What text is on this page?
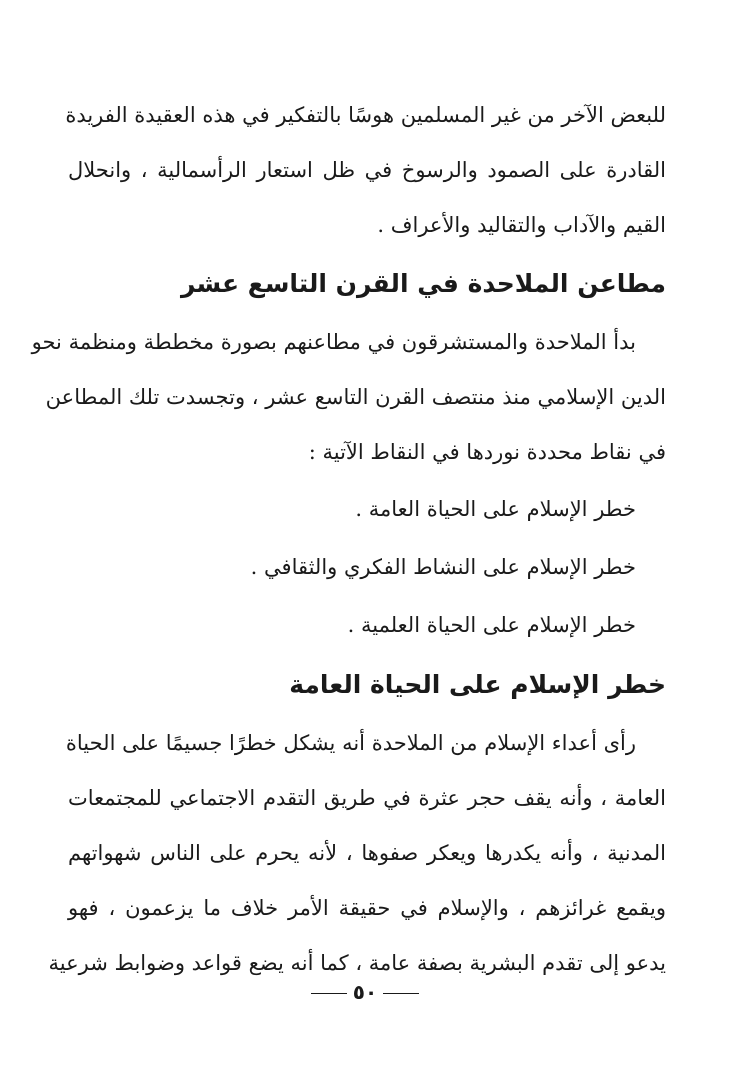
للبعض الآخر من غير المسلمين هوسًا بالتفكير في هذه العقيدة الفريدة
القادرة على الصمود والرسوخ في ظل استعار الرأسمالية ، وانحلال
القيم والآداب والتقاليد والأعراف .

مطاعن الملاحدة في القرن التاسع عشر

بدأ الملاحدة والمستشرقون في مطاعنهم بصورة مخططة ومنظمة نحو
الدين الإسلامي منذ منتصف القرن التاسع عشر ، وتجسدت تلك المطاعن
في نقاط محددة نوردها في النقاط الآتية :

خطر الإسلام على الحياة العامة .

خطر الإسلام على النشاط الفكري والثقافي .

خطر الإسلام على الحياة العلمية .

خطر الإسلام على الحياة العامة

رأى أعداء الإسلام من الملاحدة أنه يشكل خطرًا جسيمًا على الحياة
العامة ، وأنه يقف حجر عثرة في طريق التقدم الاجتماعي للمجتمعات
المدنية ، وأنه يكدرها ويعكر صفوها ، لأنه يحرم على الناس شهواتهم
ويقمع غرائزهم ، والإسلام في حقيقة الأمر خلاف ما يزعمون ، فهو
يدعو إلى تقدم البشرية بصفة عامة ، كما أنه يضع قواعد وضوابط شرعية

٥٠
